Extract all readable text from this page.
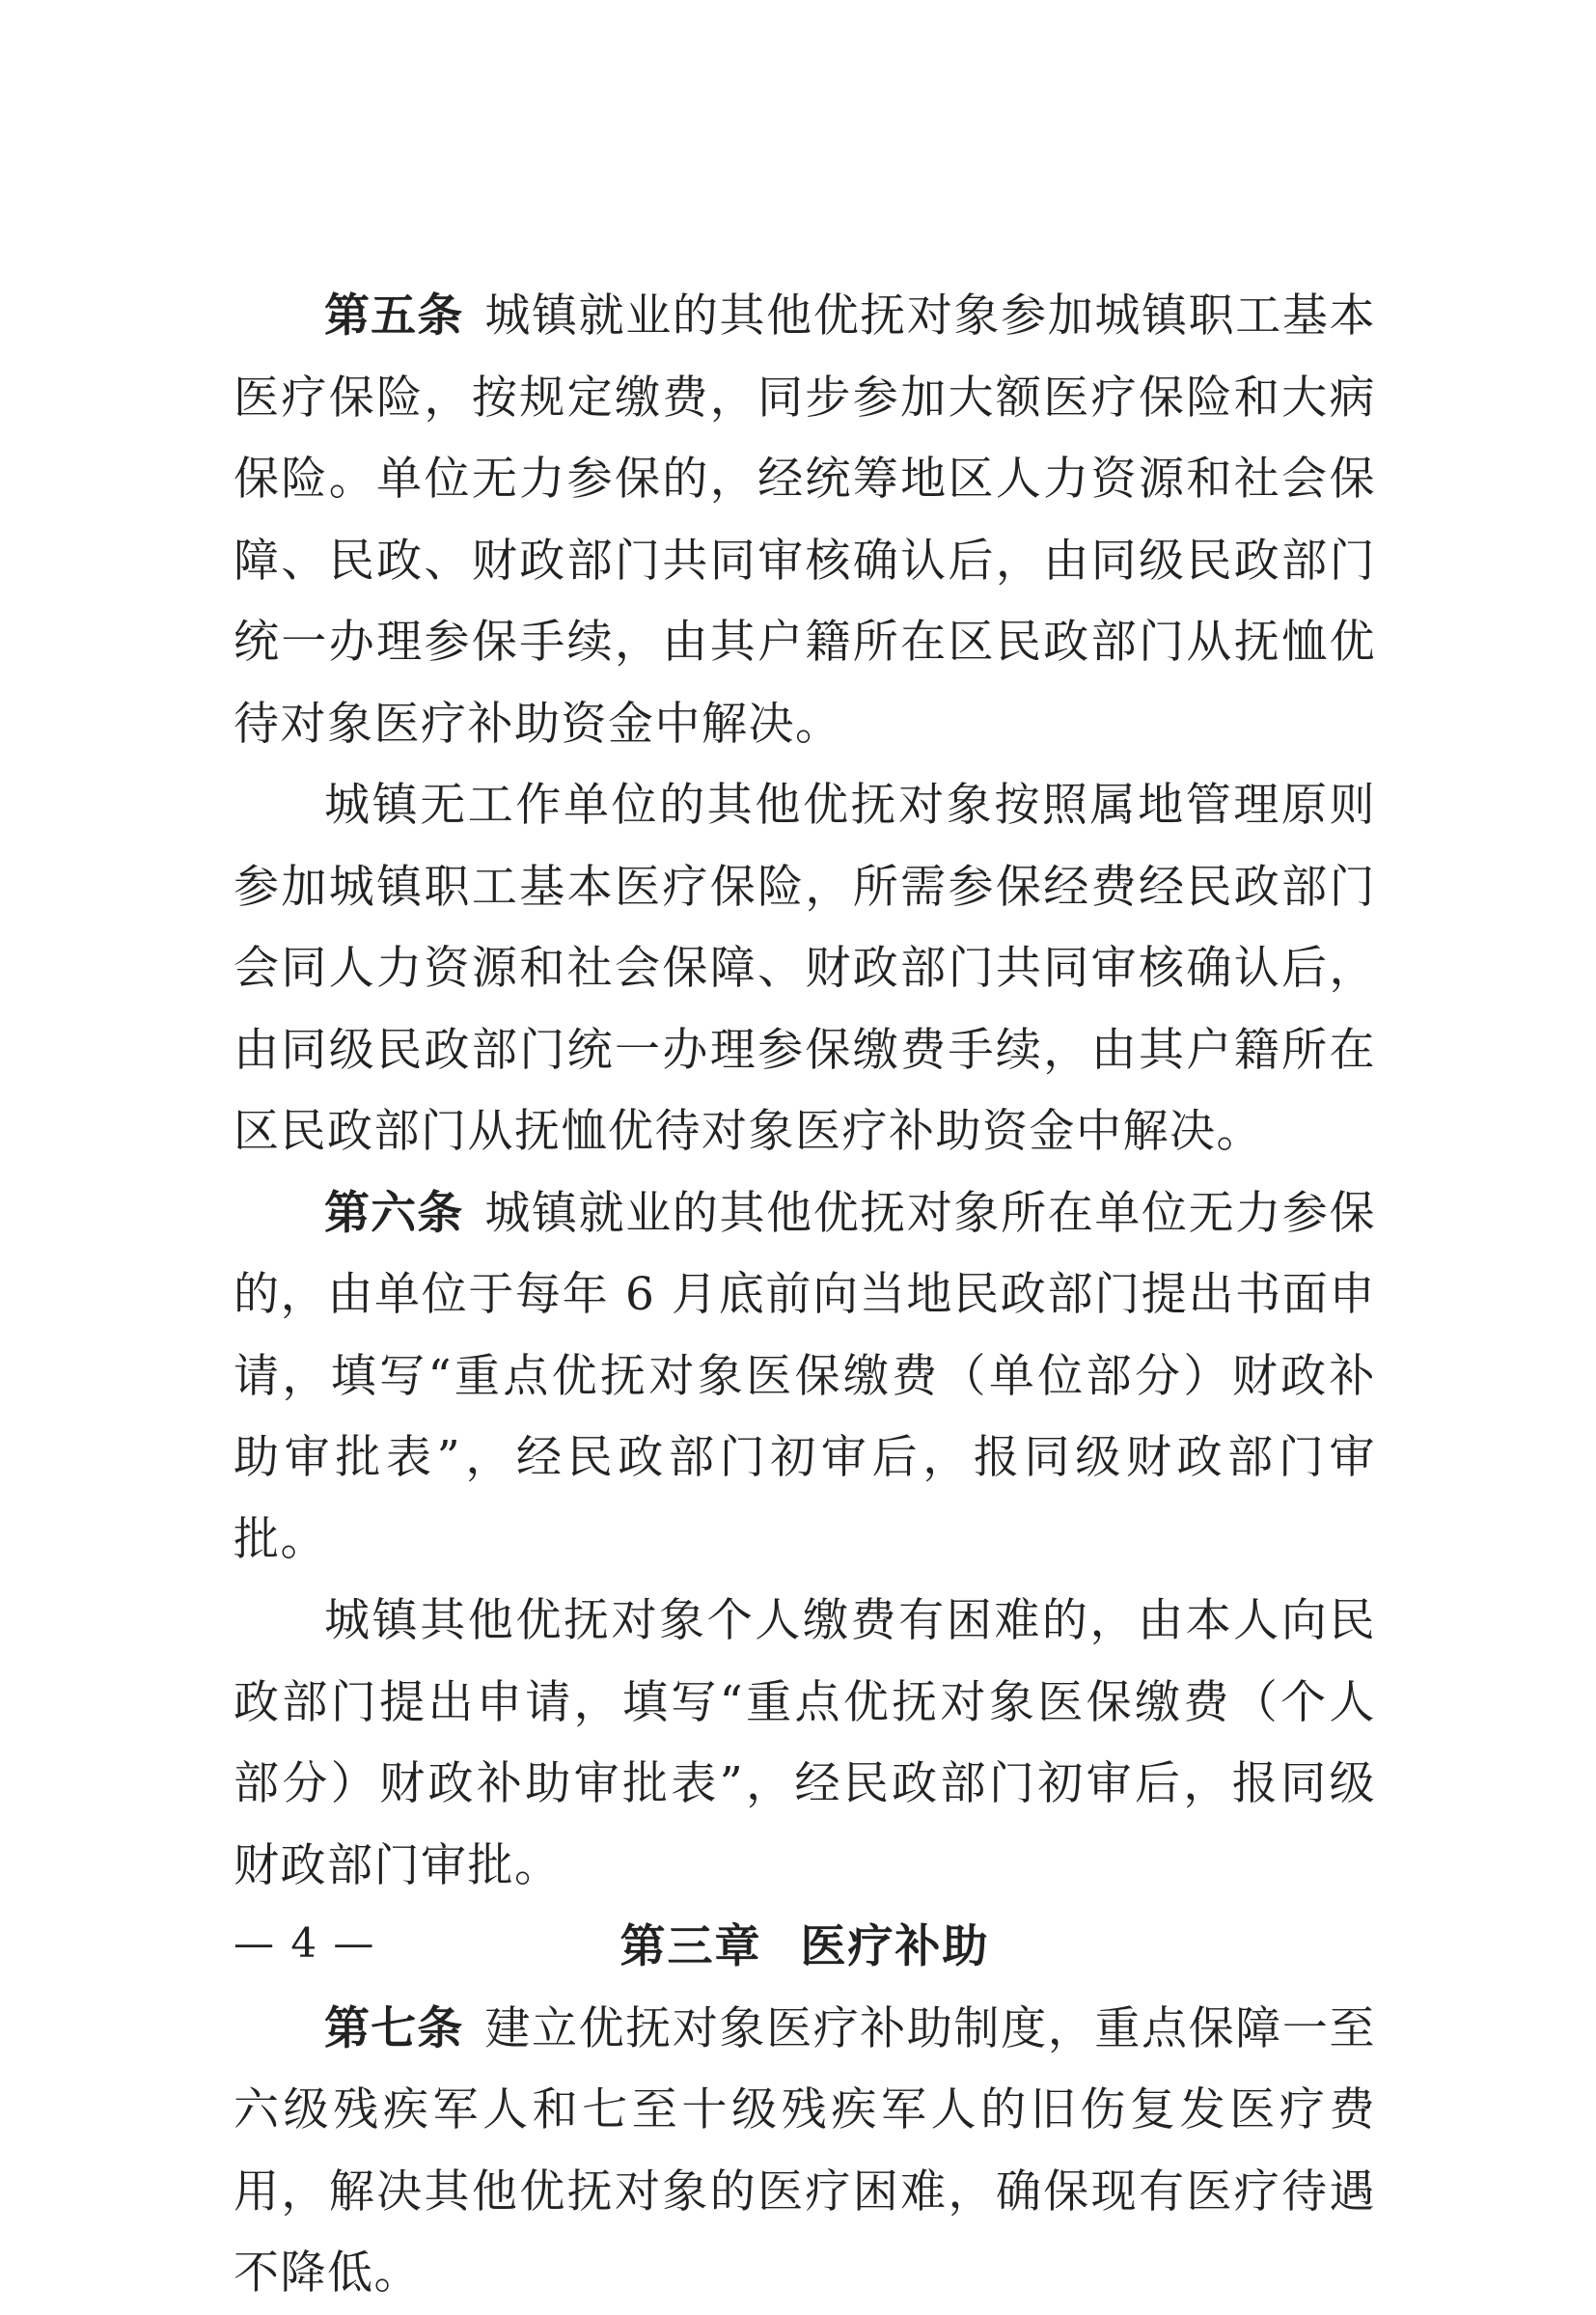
第五条 城镇就业的其他优抚对象参加城镇职工基本医疗保险，按规定缴费，同步参加大额医疗保险和大病保险。单位无力参保的，经统筹地区人力资源和社会保障、民政、财政部门共同审核确认后，由同级民政部门统一办理参保手续，由其户籍所在区民政部门从抚恤优待对象医疗补助资金中解决。

城镇无工作单位的其他优抚对象按照属地管理原则参加城镇职工基本医疗保险，所需参保经费经民政部门会同人力资源和社会保障、财政部门共同审核确认后，由同级民政部门统一办理参保缴费手续，由其户籍所在区民政部门从抚恤优待对象医疗补助资金中解决。

第六条 城镇就业的其他优抚对象所在单位无力参保的，由单位于每年 6 月底前向当地民政部门提出书面申请，填写“重点优抚对象医保缴费（单位部分）财政补助审批表”，经民政部门初审后，报同级财政部门审批。

城镇其他优抚对象个人缴费有困难的，由本人向民政部门提出申请，填写“重点优抚对象医保缴费（个人部分）财政补助审批表”，经民政部门初审后，报同级财政部门审批。

第三章 医疗补助

第七条 建立优抚对象医疗补助制度，重点保障一至六级残疾军人和七至十级残疾军人的旧伤复发医疗费用，解决其他优抚对象的医疗困难，确保现有医疗待遇不降低。

— 4 —
